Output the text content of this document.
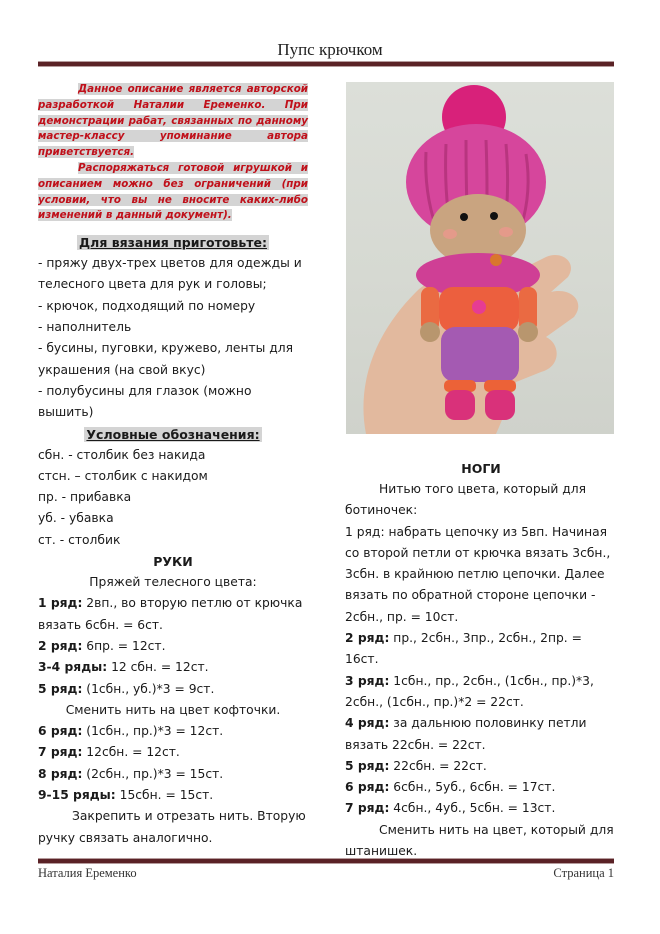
Пупс крючком

Данное описание является авторской разработкой Наталии Еременко. При демонстрации рабат, связанных по данному мастер-классу упоминание автора приветствуется.

Распоряжаться готовой игрушкой и описанием можно без ограничений (при условии, что вы не вносите каких-либо изменений в данный документ).

Для вязания приготовьте:

- пряжу двух-трех цветов для одежды и телесного цвета для рук и головы;

- крючок, подходящий по номеру

- наполнитель

- бусины, пуговки, кружево, ленты для украшения (на свой вкус)

- полубусины для глазок (можно вышить)

Условные обозначения:

сбн. - столбик без накида

стсн. – столбик с накидом

пр. - прибавка

уб. - убавка

ст. - столбик

РУКИ

Пряжей телесного цвета:

1 ряд: 2вп., во вторую петлю от крючка вязать 6сбн. = 6ст.

2 ряд: 6пр. = 12ст.

3-4 ряды: 12 сбн. = 12ст.

5 ряд: (1сбн., уб.)*3 = 9ст.

Сменить нить на цвет кофточки.

6 ряд: (1сбн., пр.)*3 = 12ст.

7 ряд: 12сбн. = 12ст.

8 ряд: (2сбн., пр.)*3 = 15ст.

9-15 ряды: 15сбн. = 15ст.

Закрепить и отрезать нить. Вторую ручку связать аналогично.

НОГИ

Нитью того цвета, который для ботиночек:

1 ряд: набрать цепочку из 5вп. Начиная со второй петли от крючка вязать 3сбн., 3сбн. в крайнюю петлю цепочки. Далее вязать по обратной стороне цепочки - 2сбн., пр. = 10ст.

2 ряд: пр., 2сбн., 3пр., 2сбн., 2пр. = 16ст.

3 ряд: 1сбн., пр., 2сбн., (1сбн., пр.)*3, 2сбн., (1сбн., пр.)*2 = 22ст.

4 ряд: за дальнюю половинку петли вязать 22сбн. = 22ст.

5 ряд: 22сбн. = 22ст.

6 ряд: 6сбн., 5уб., 6сбн. = 17ст.

7 ряд: 4сбн., 4уб., 5сбн. = 13ст.

Сменить нить на цвет, который для штанишек.

Наталия Еременко	Страница 1
